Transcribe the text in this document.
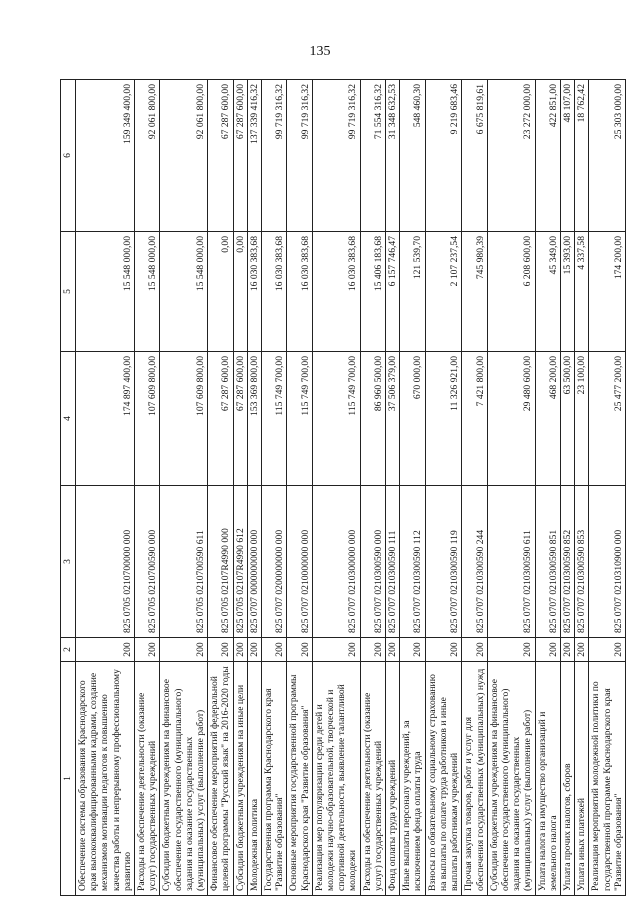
135
1	2	3	4	5	6
Обеспечение системы образования Краснодарского края высококвалифицированными кадрами, создание механизмов мотивации педагогов к повышению качества работы и непрерывному профессиональному развитию	200	825 0705 0210700000 000	174 897 400,00	15 548 000,00	159 349 400,00
Расходы на обеспечение деятельности (оказание услуг) государственных учреждений	200	825 0705 0210700590 000	107 609 800,00	15 548 000,00	92 061 800,00
Субсидии бюджетным учреждениям на финансовое обеспечение государственного (муниципального) задания на оказание государственных (муниципальных) услуг (выполнение работ)	200	825 0705 0210700590 611	107 609 800,00	15 548 000,00	92 061 800,00
Финансовое обеспечение мероприятий федеральной целевой программы "Русский язык" на 2016-2020 годы	200	825 0705 02107R4990 000	67 287 600,00	0,00	67 287 600,00
Субсидии бюджетным учреждениям на иные цели	200	825 0705 02107R4990 612	67 287 600,00	0,00	67 287 600,00
Молодежная политика	200	825 0707 0000000000 000	153 369 800,00	16 030 383,68	137 339 416,32
Государственная программа Краснодарского края "Развитие образования"	200	825 0707 0200000000 000	115 749 700,00	16 030 383,68	99 719 316,32
Основные мероприятия государственной программы Краснодарского края "Развитие образования"	200	825 0707 0210000000 000	115 749 700,00	16 030 383,68	99 719 316,32
Реализация мер популяризации среди детей и молодежи научно-образовательной, творческой и спортивной деятельности, выявление талантливой молодежи	200	825 0707 0210300000 000	115 749 700,00	16 030 383,68	99 719 316,32
Расходы на обеспечение деятельности (оказание услуг) государственных учреждений	200	825 0707 0210300590 000	86 960 500,00	15 406 183,68	71 554 316,32
Фонд оплаты труда учреждений	200	825 0707 0210300590 111	37 506 379,00	6 157 746,47	31 348 632,53
Иные выплаты персоналу учреждений, за исключением фонда оплаты труда	200	825 0707 0210300590 112	670 000,00	121 539,70	548 460,30
Взносы по обязательному социальному страхованию на выплаты по оплате труда работников и иные выплаты работникам учреждений	200	825 0707 0210300590 119	11 326 921,00	2 107 237,54	9 219 683,46
Прочая закупка товаров, работ и услуг для обеспечения государственных (муниципальных) нужд	200	825 0707 0210300590 244	7 421 800,00	745 980,39	6 675 819,61
Субсидии бюджетным учреждениям на финансовое обеспечение государственного (муниципального) задания на оказание государственных (муниципальных) услуг (выполнение работ)	200	825 0707 0210300590 611	29 480 600,00	6 208 600,00	23 272 000,00
Уплата налога на имущество организаций и земельного налога	200	825 0707 0210300590 851	468 200,00	45 349,00	422 851,00
Уплата прочих налогов, сборов	200	825 0707 0210300590 852	63 500,00	15 393,00	48 107,00
Уплата иных платежей	200	825 0707 0210300590 853	23 100,00	4 337,58	18 762,42
Реализация мероприятий молодежной политики по государственной программе Краснодарского края "Развитие образования"	200	825 0707 0210310900 000	25 477 200,00	174 200,00	25 303 000,00
